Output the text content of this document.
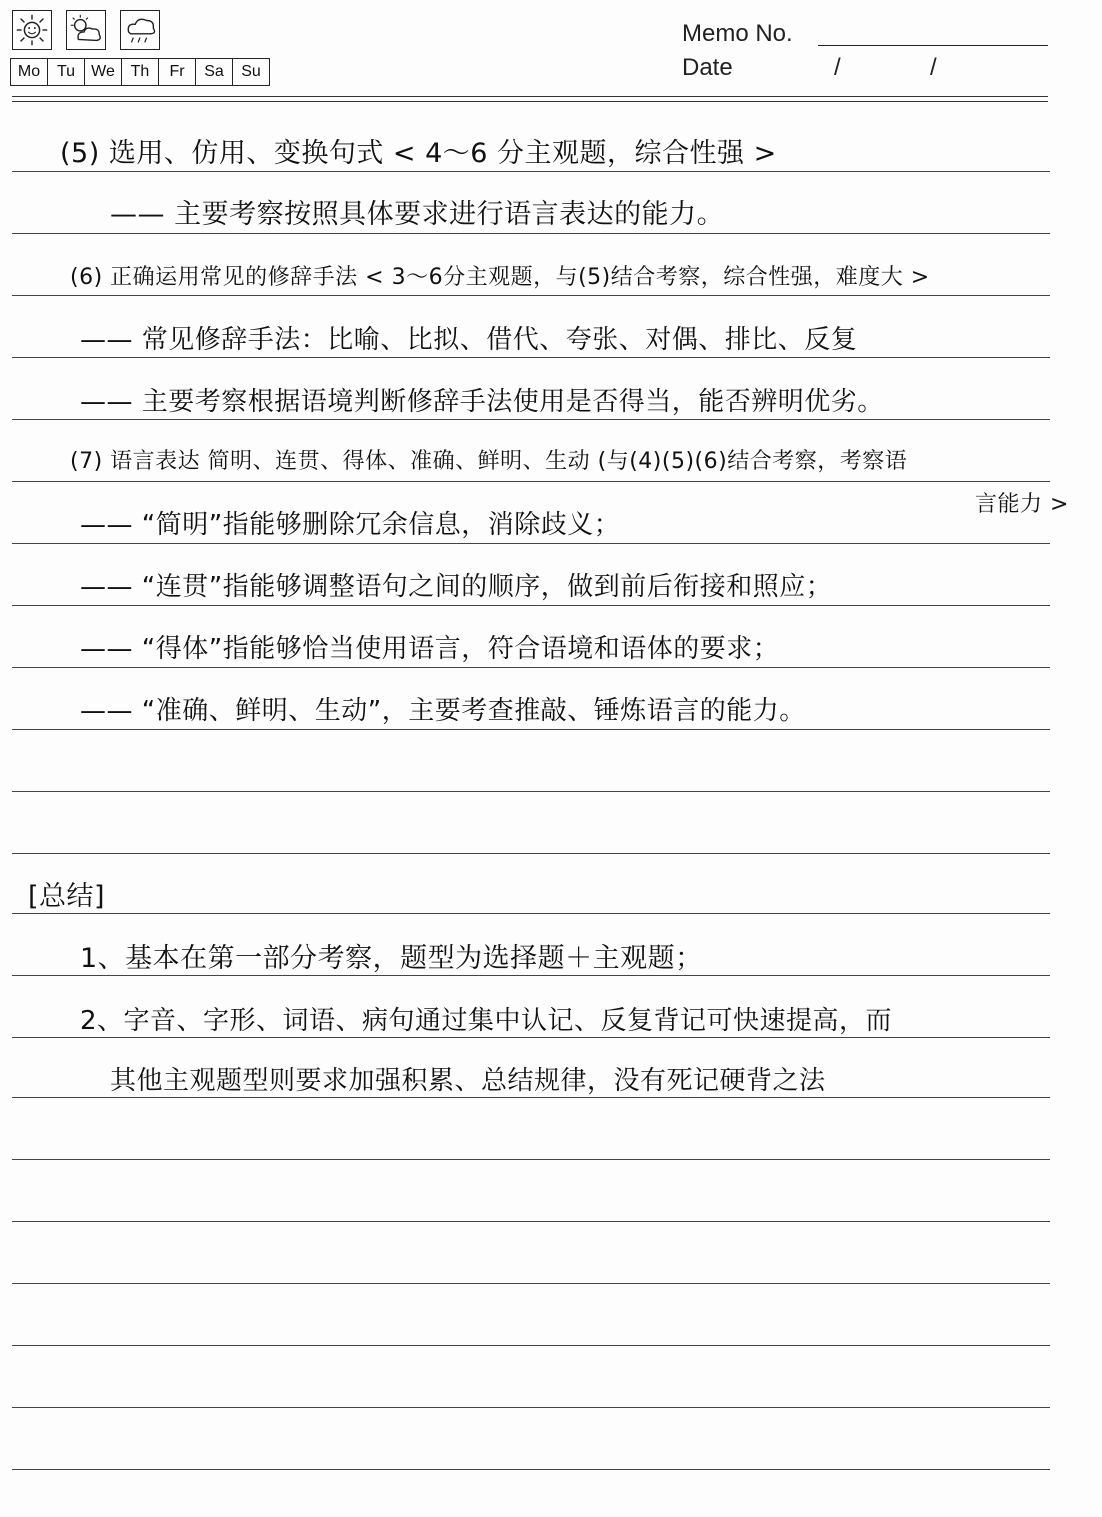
Mo	Tu	We Th	Fr	Sa	Su
Memo No.
Date	/	/
(5) 选用、仿用、变换句式 < 4～6 分主观题，综合性强 >
—— 主要考察按照具体要求进行语言表达的能力。
(6) 正确运用常见的修辞手法 < 3～6分主观题，与(5)结合考察，综合性强，难度大 >
—— 常见修辞手法：比喻、比拟、借代、夸张、对偶、排比、反复
—— 主要考察根据语境判断修辞手法使用是否得当，能否辨明优劣。
(7) 语言表达 简明、连贯、得体、准确、鲜明、生动 (与(4)(5)(6)结合考察，考察语
言能力 >
—— “简明”指能够删除冗余信息，消除歧义；
—— “连贯”指能够调整语句之间的顺序，做到前后衔接和照应；
—— “得体”指能够恰当使用语言，符合语境和语体的要求；
—— “准确、鲜明、生动”，主要考查推敲、锤炼语言的能力。
[总结]
1、基本在第一部分考察，题型为选择题＋主观题；
2、字音、字形、词语、病句通过集中认记、反复背记可快速提高，而
其他主观题型则要求加强积累、总结规律，没有死记硬背之法
